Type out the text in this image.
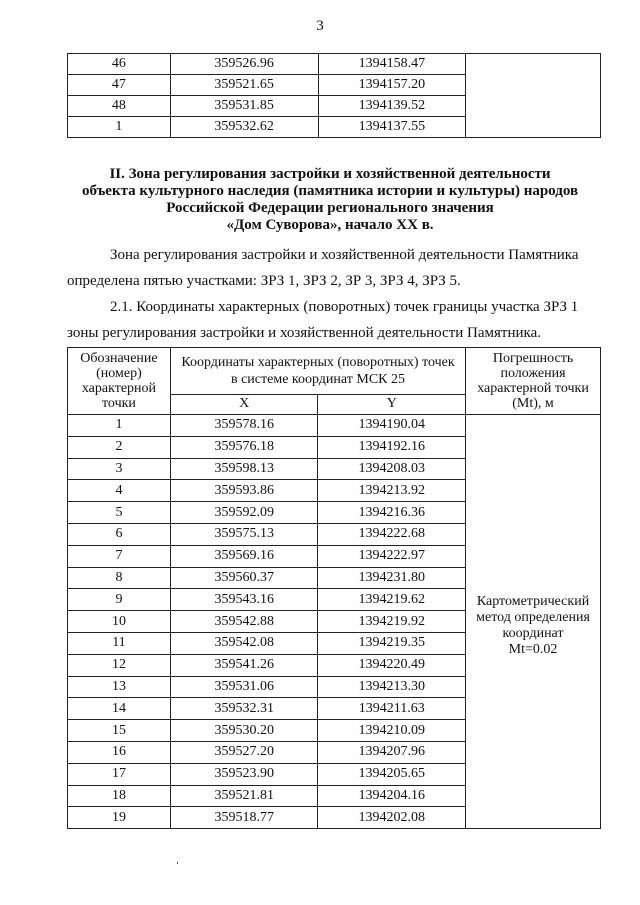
3
46	359526.96	1394158.47	
47	359521.65	1394157.20	
48	359531.85	1394139.52	
1	359532.62	1394137.55	
II. Зона регулирования застройки и хозяйственной деятельности
объекта культурного наследия (памятника истории и культуры) народов
Российской Федерации регионального значения
«Дом Суворова», начало XX в.
Зона регулирования застройки и хозяйственной деятельности Памятника
определена пятью участками: ЗРЗ 1, ЗРЗ 2, ЗР 3, ЗРЗ 4, ЗРЗ 5.
2.1. Координаты характерных (поворотных) точек границы участка ЗРЗ 1
зоны регулирования застройки и хозяйственной деятельности Памятника.
Обозначение (номер) характерной точки	Координаты характерных (поворотных) точек в системе координат МСК 25		Погрешность положения характерной точки (Mt), м
	X	Y	
1	359578.16	1394190.04	Картометрический
метод определения
координат
Mt=0.02

2	359576.18	1394192.16	
3	359598.13	1394208.03	
4	359593.86	1394213.92	
5	359592.09	1394216.36	
6	359575.13	1394222.68	
7	359569.16	1394222.97	
8	359560.37	1394231.80	
9	359543.16	1394219.62	
10	359542.88	1394219.92	
11	359542.08	1394219.35	
12	359541.26	1394220.49	
13	359531.06	1394213.30	
14	359532.31	1394211.63	
15	359530.20	1394210.09	
16	359527.20	1394207.96	
17	359523.90	1394205.65	
18	359521.81	1394204.16	
19	359518.77	1394202.08	
